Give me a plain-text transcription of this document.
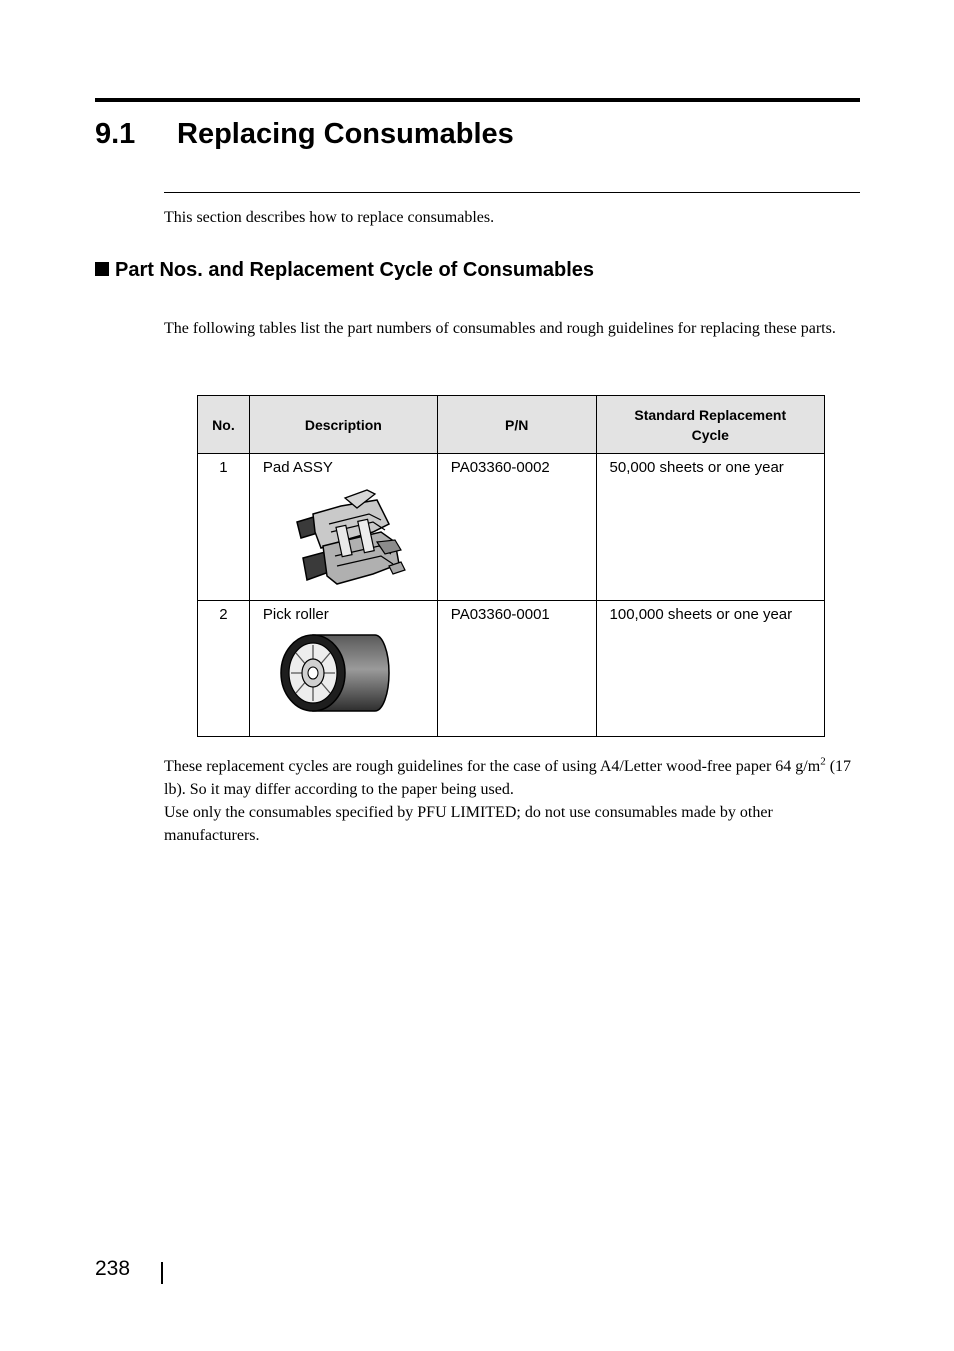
9.1 Replacing Consumables

This section describes how to replace consumables.

Part Nos. and Replacement Cycle of Consumables

The following tables list the part numbers of consumables and rough guidelines for replacing these parts.

No.	Description	P/N	Standard Replacement
Cycle
1	Pad ASSY	PA03360-0002	50,000 sheets or one year
2	Pick roller	PA03360-0001	100,000 sheets or one year

These replacement cycles are rough guidelines for the case of using A4/Letter wood-free paper 64 $g/m^2$ (17 lb). So it may differ according to the paper being used.
Use only the consumables specified by PFU LIMITED; do not use consumables made by other manufacturers.

238
